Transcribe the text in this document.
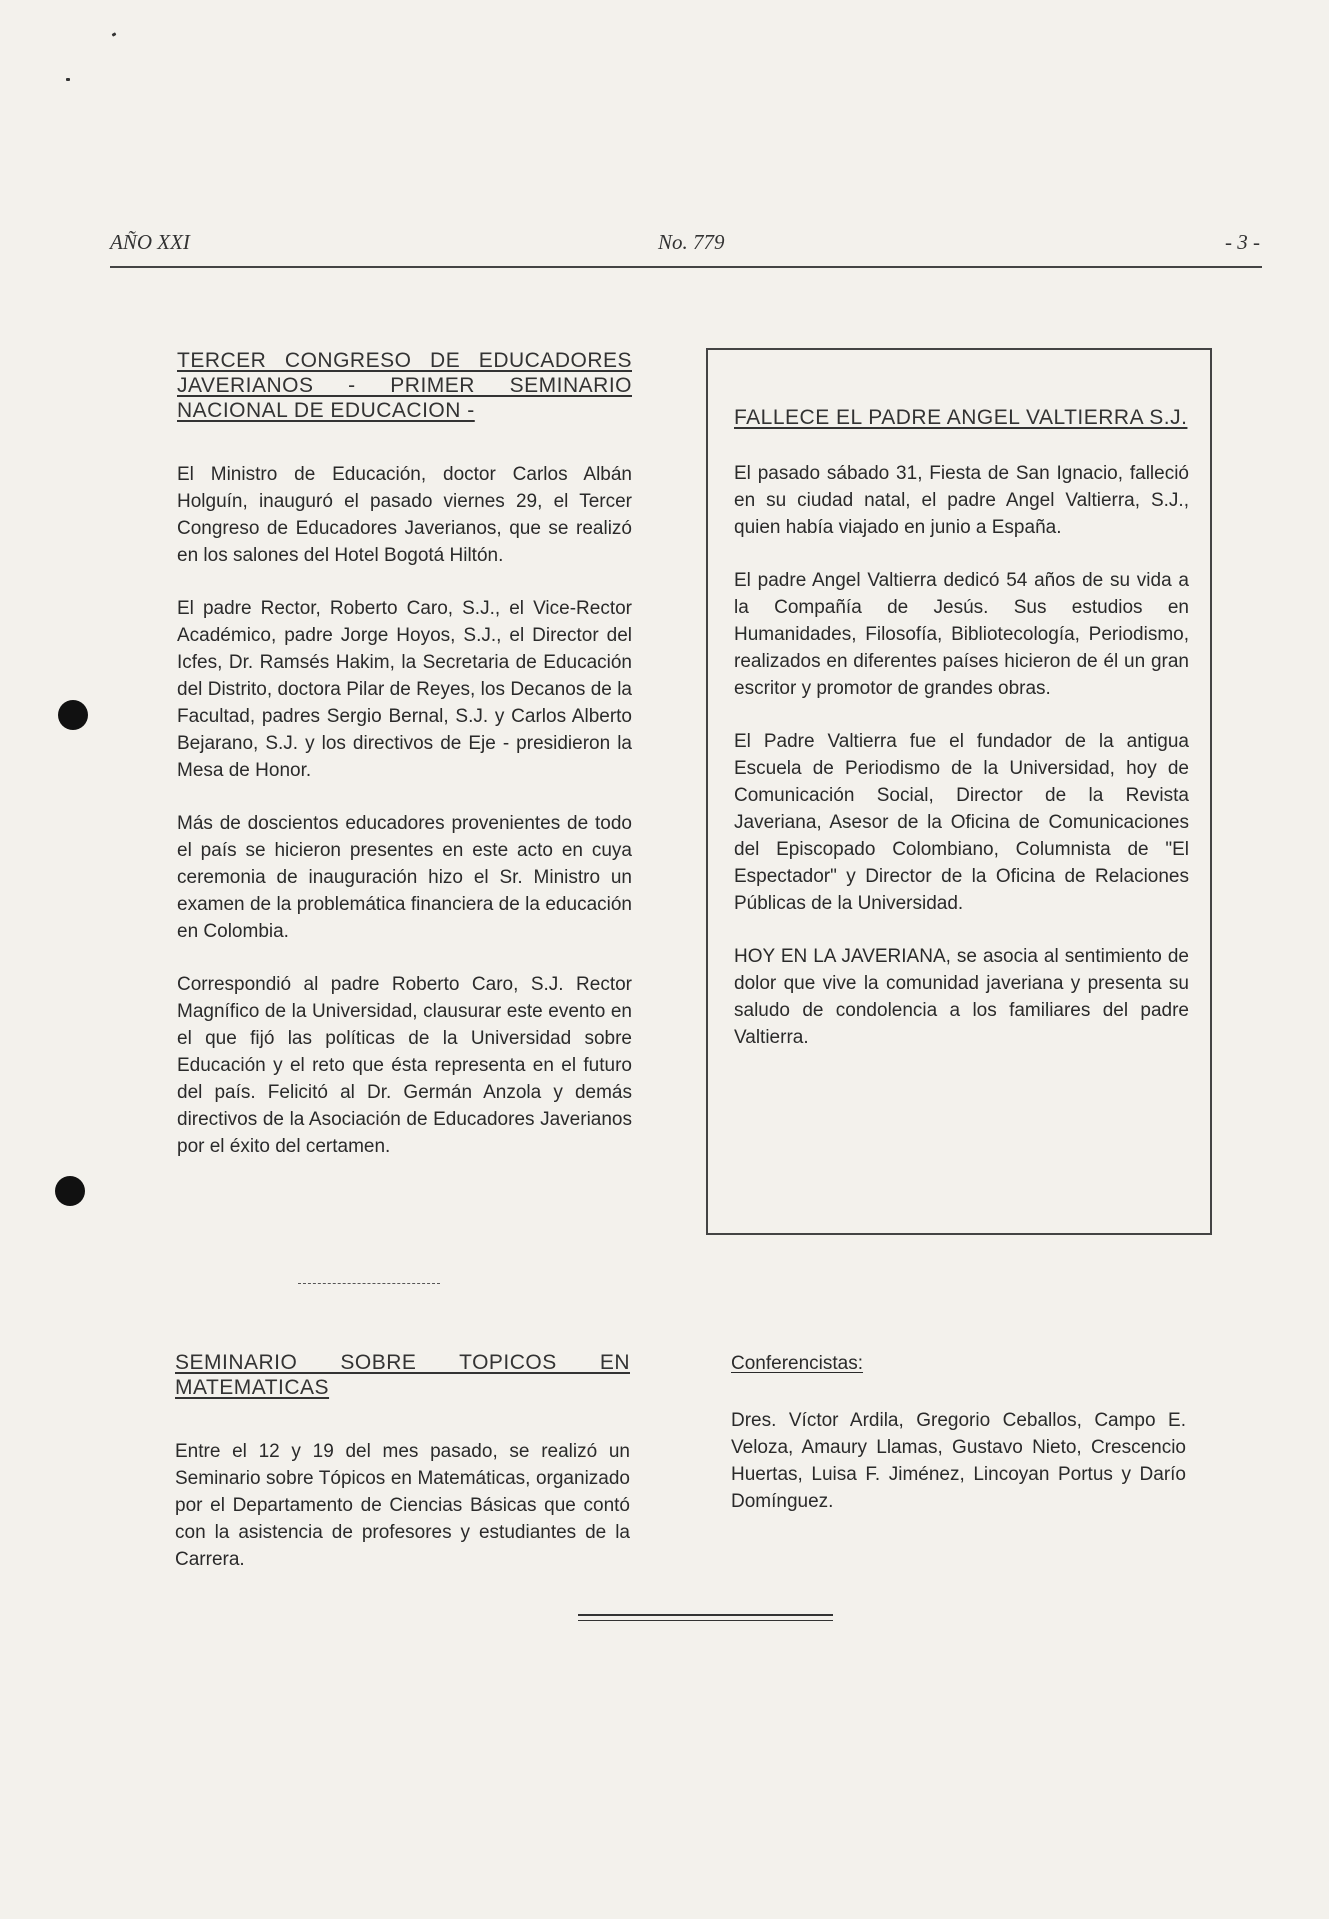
AÑO XXI	No. 779	- 3 -
TERCER CONGRESO DE EDUCADORES JAVERIANOS - PRIMER SEMINARIO NACIONAL DE EDUCACION -

El Ministro de Educación, doctor Carlos Albán Holguín, inauguró el pasado viernes 29, el Tercer Congreso de Educadores Javerianos, que se realizó en los salones del Hotel Bogotá Hiltón.

El padre Rector, Roberto Caro, S.J., el Vice-Rector Académico, padre Jorge Hoyos, S.J., el Director del Icfes, Dr. Ramsés Hakim, la Secretaria de Educación del Distrito, doctora Pilar de Reyes, los Decanos de la Facultad, padres Sergio Bernal, S.J. y Carlos Alberto Bejarano, S.J. y los directivos de Eje - presidieron la Mesa de Honor.

Más de doscientos educadores provenientes de todo el país se hicieron presentes en este acto en cuya ceremonia de inauguración hizo el Sr. Ministro un examen de la problemática financiera de la educación en Colombia.

Correspondió al padre Roberto Caro, S.J. Rector Magnífico de la Universidad, clausurar este evento en el que fijó las políticas de la Universidad sobre Educación y el reto que ésta representa en el futuro del país. Felicitó al Dr. Germán Anzola y demás directivos de la Asociación de Educadores Javerianos por el éxito del certamen.

FALLECE EL PADRE ANGEL VALTIERRA S.J.

El pasado sábado 31, Fiesta de San Ignacio, falleció en su ciudad natal, el padre Angel Valtierra, S.J., quien había viajado en junio a España.

El padre Angel Valtierra dedicó 54 años de su vida a la Compañía de Jesús. Sus estudios en Humanidades, Filosofía, Bibliotecología, Periodismo, realizados en diferentes países hicieron de él un gran escritor y promotor de grandes obras.

El Padre Valtierra fue el fundador de la antigua Escuela de Periodismo de la Universidad, hoy de Comunicación Social, Director de la Revista Javeriana, Asesor de la Oficina de Comunicaciones del Episcopado Colombiano, Columnista de "El Espectador" y Director de la Oficina de Relaciones Públicas de la Universidad.

HOY EN LA JAVERIANA, se asocia al sentimiento de dolor que vive la comunidad javeriana y presenta su saludo de condolencia a los familiares del padre Valtierra.

SEMINARIO SOBRE TOPICOS EN MATEMATICAS

Entre el 12 y 19 del mes pasado, se realizó un Seminario sobre Tópicos en Matemáticas, organizado por el Departamento de Ciencias Básicas que contó con la asistencia de profesores y estudiantes de la Carrera.

Conferencistas:

Dres. Víctor Ardila, Gregorio Ceballos, Campo E. Veloza, Amaury Llamas, Gustavo Nieto, Crescencio Huertas, Luisa F. Jiménez, Lincoyan Portus y Darío Domínguez.
